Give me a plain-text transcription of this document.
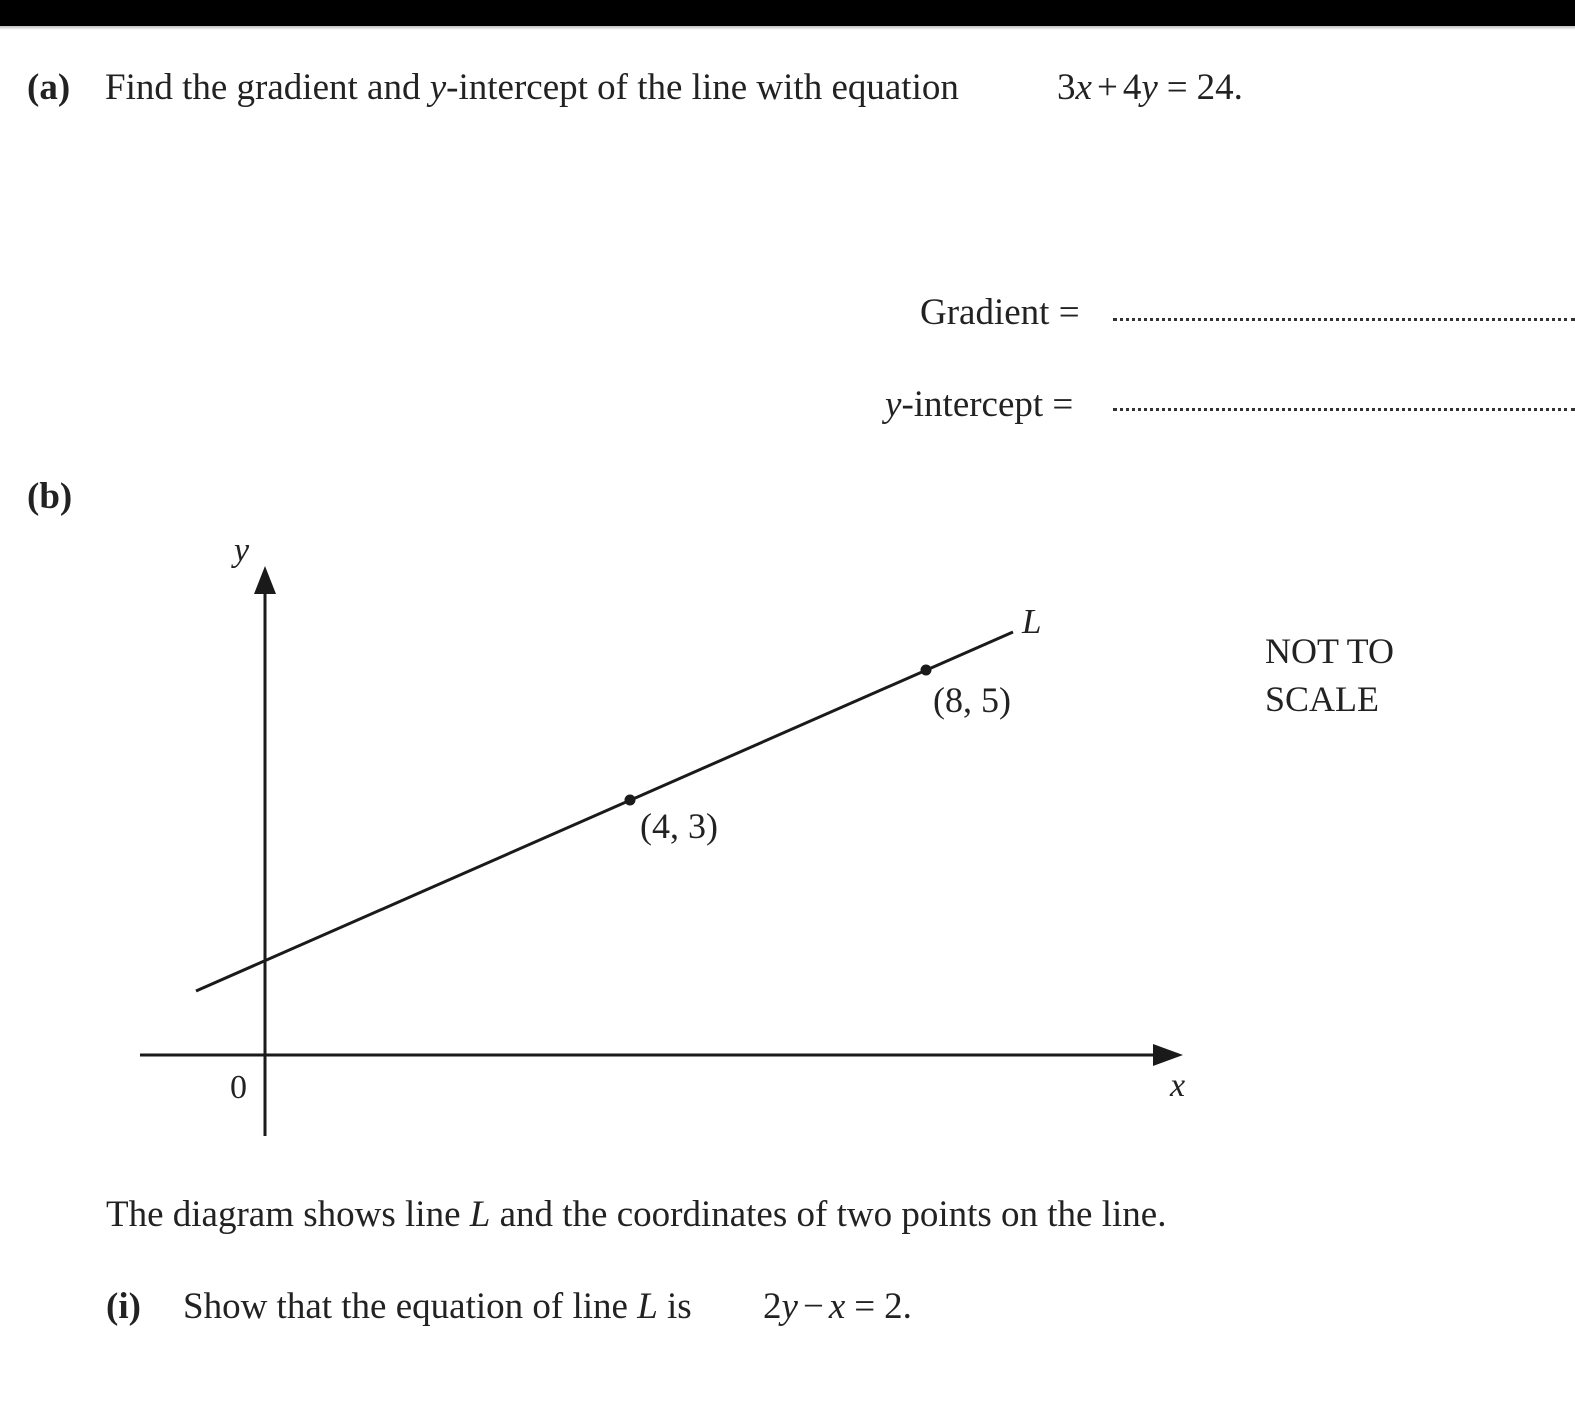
(a) Find the gradient and y-intercept of the line with equation	3x + 4y = 24.
Gradient =
y-intercept =
(b)
y
x
0
L
(4, 3)
(8, 5)
NOT TO
SCALE
The diagram shows line L and the coordinates of two points on the line.
(i) Show that the equation of line L is 2y − x = 2.
